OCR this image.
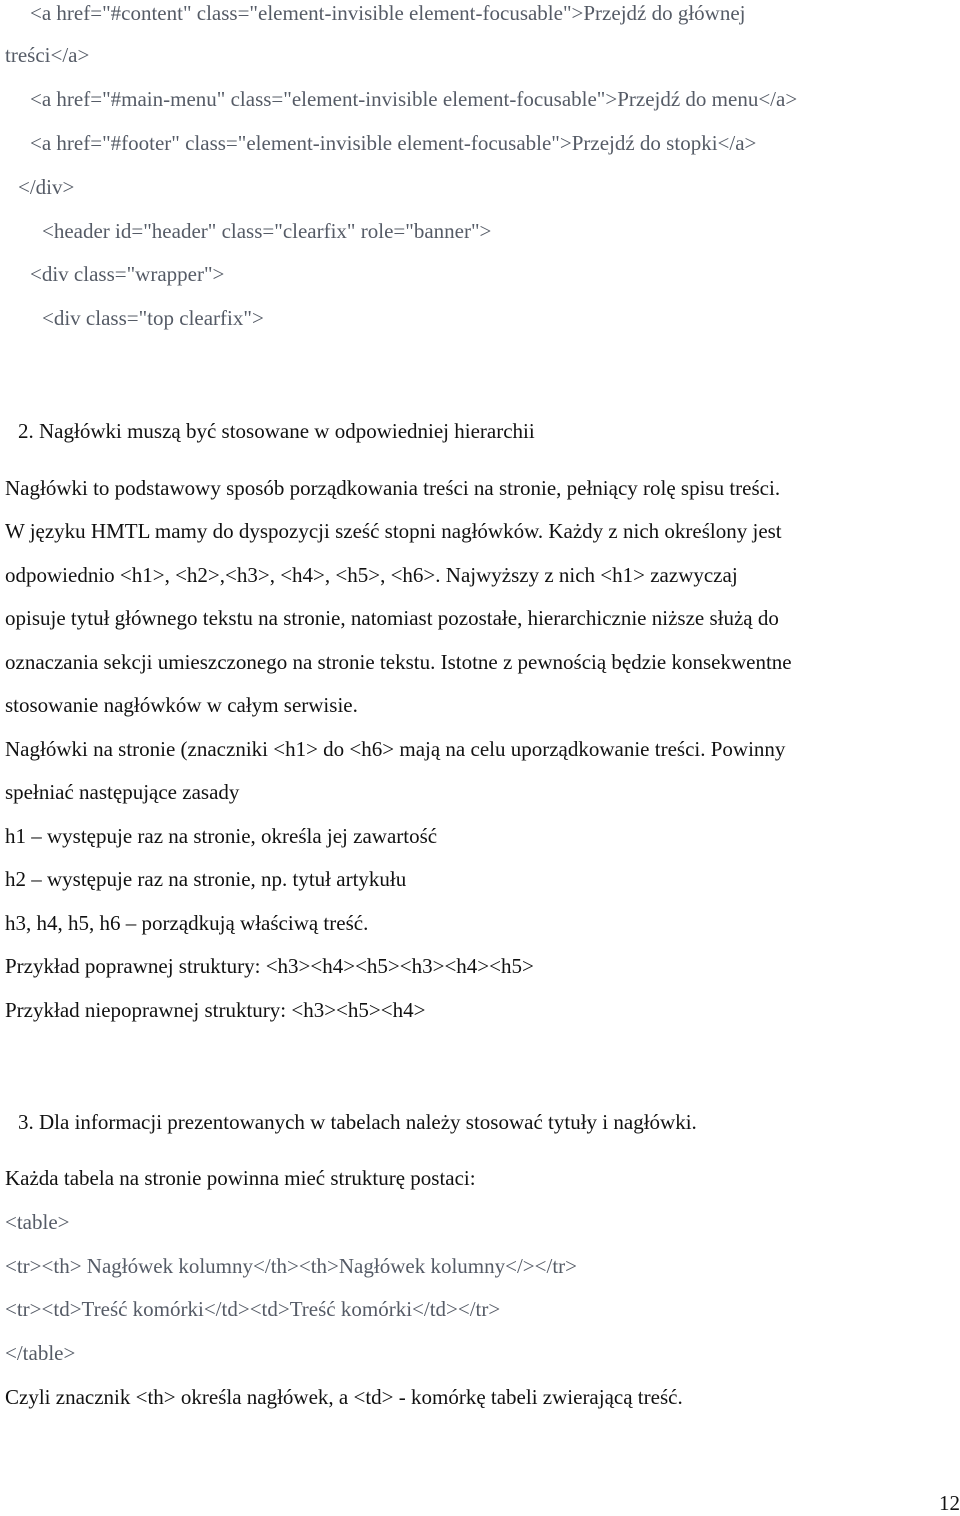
<a href="#content" class="element-invisible element-focusable">Przejdź do głównej
treści</a>
<a href="#main-menu" class="element-invisible element-focusable">Przejdź do menu</a>
<a href="#footer" class="element-invisible element-focusable">Przejdź do stopki</a>
</div>
<header id="header" class="clearfix" role="banner">
<div class="wrapper">
<div class="top clearfix">
2. Nagłówki muszą być stosowane w odpowiedniej hierarchii
Nagłówki to podstawowy sposób porządkowania treści na stronie, pełniący rolę spisu treści.
W języku HMTL mamy do dyspozycji sześć stopni nagłówków. Każdy z nich określony jest
odpowiednio <h1>, <h2>,<h3>, <h4>, <h5>, <h6>. Najwyższy z nich <h1> zazwyczaj
opisuje tytuł głównego tekstu na stronie, natomiast pozostałe, hierarchicznie niższe służą do
oznaczania sekcji umieszczonego na stronie tekstu. Istotne z pewnością będzie konsekwentne
stosowanie nagłówków w całym serwisie.
Nagłówki na stronie (znaczniki <h1> do <h6> mają na celu uporządkowanie treści. Powinny
spełniać następujące zasady
h1 – występuje raz na stronie, określa jej zawartość
h2 – występuje raz na stronie, np. tytuł artykułu
h3, h4, h5, h6 – porządkują właściwą treść.
Przykład poprawnej struktury: <h3><h4><h5><h3><h4><h5>
Przykład niepoprawnej struktury: <h3><h5><h4>
3. Dla informacji prezentowanych w tabelach należy stosować tytuły i nagłówki.
Każda tabela na stronie powinna mieć strukturę postaci:
<table>
<tr><th> Nagłówek kolumny</th><th>Nagłówek kolumny</></tr>
<tr><td>Treść komórki</td><td>Treść komórki</td></tr>
</table>
Czyli znacznik <th> określa nagłówek, a <td> - komórkę tabeli zwierającą treść.
12
